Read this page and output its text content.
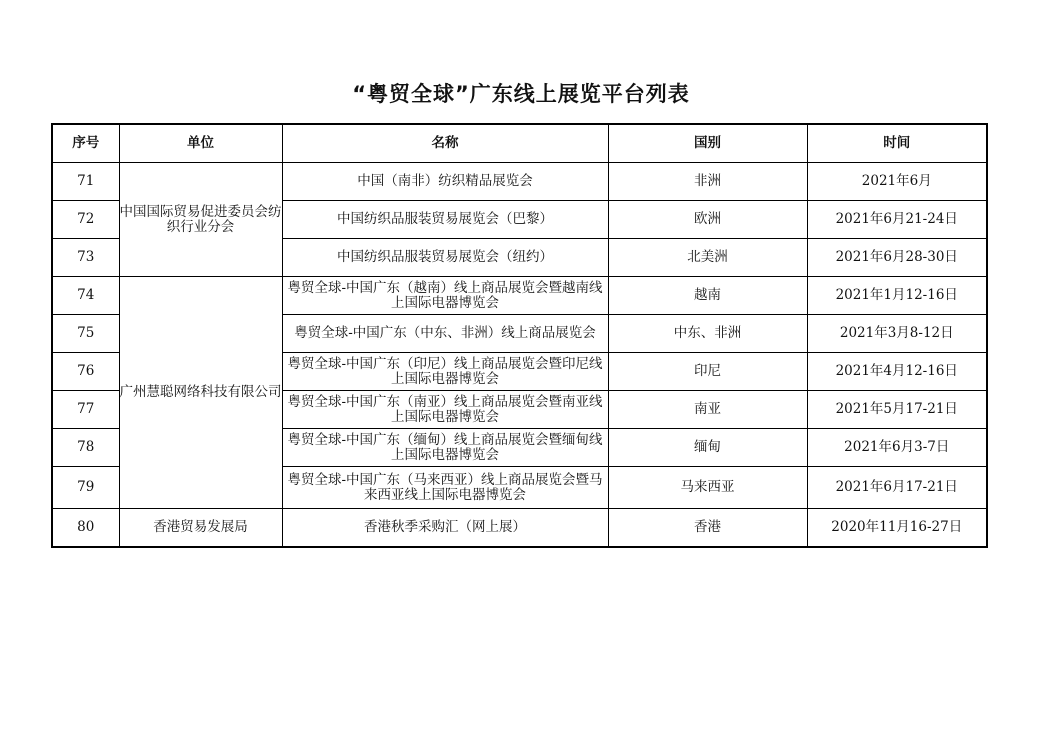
“粤贸全球”广东线上展览平台列表
序号	单位	名称	国别	时间
71	中国国际贸易促进委员会纺织行业分会	中国（南非）纺织精品展览会	非洲	2021年6月
72		中国纺织品服装贸易展览会（巴黎）	欧洲	2021年6月21-24日
73		中国纺织品服装贸易展览会（纽约）	北美洲	2021年6月28-30日
74	广州慧聪网络科技有限公司	粤贸全球-中国广东（越南）线上商品展览会暨越南线上国际电器博览会	越南	2021年1月12-16日
75		粤贸全球-中国广东（中东、非洲）线上商品展览会	中东、非洲	2021年3月8-12日
76		粤贸全球-中国广东（印尼）线上商品展览会暨印尼线上国际电器博览会	印尼	2021年4月12-16日
77		粤贸全球-中国广东（南亚）线上商品展览会暨南亚线上国际电器博览会	南亚	2021年5月17-21日
78		粤贸全球-中国广东（缅甸）线上商品展览会暨缅甸线上国际电器博览会	缅甸	2021年6月3-7日
79		粤贸全球-中国广东（马来西亚）线上商品展览会暨马来西亚线上国际电器博览会	马来西亚	2021年6月17-21日
80	香港贸易发展局	香港秋季采购汇（网上展）	香港	2020年11月16-27日
